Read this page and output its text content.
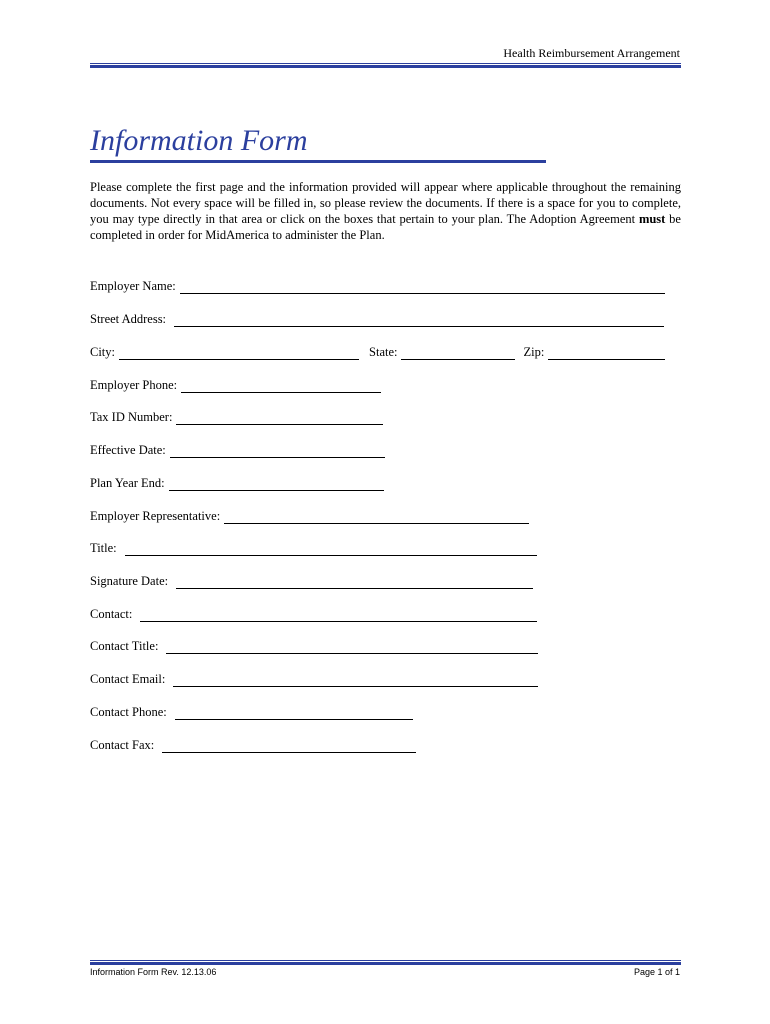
Health Reimbursement Arrangement
Information Form

Please complete the first page and the information provided will appear where applicable throughout the remaining documents. Not every space will be filled in, so please review the documents. If there is a space for you to complete, you may type directly in that area or click on the boxes that pertain to your plan. The Adoption Agreement must be completed in order for MidAmerica to administer the Plan.

Employer Name:
Street Address:
City:	State:	Zip:
Employer Phone:
Tax ID Number:
Effective Date:
Plan Year End:
Employer Representative:
Title:
Signature Date:
Contact:
Contact Title:
Contact Email:
Contact Phone:
Contact Fax:
Information Form Rev. 12.13.06	Page 1 of 1
